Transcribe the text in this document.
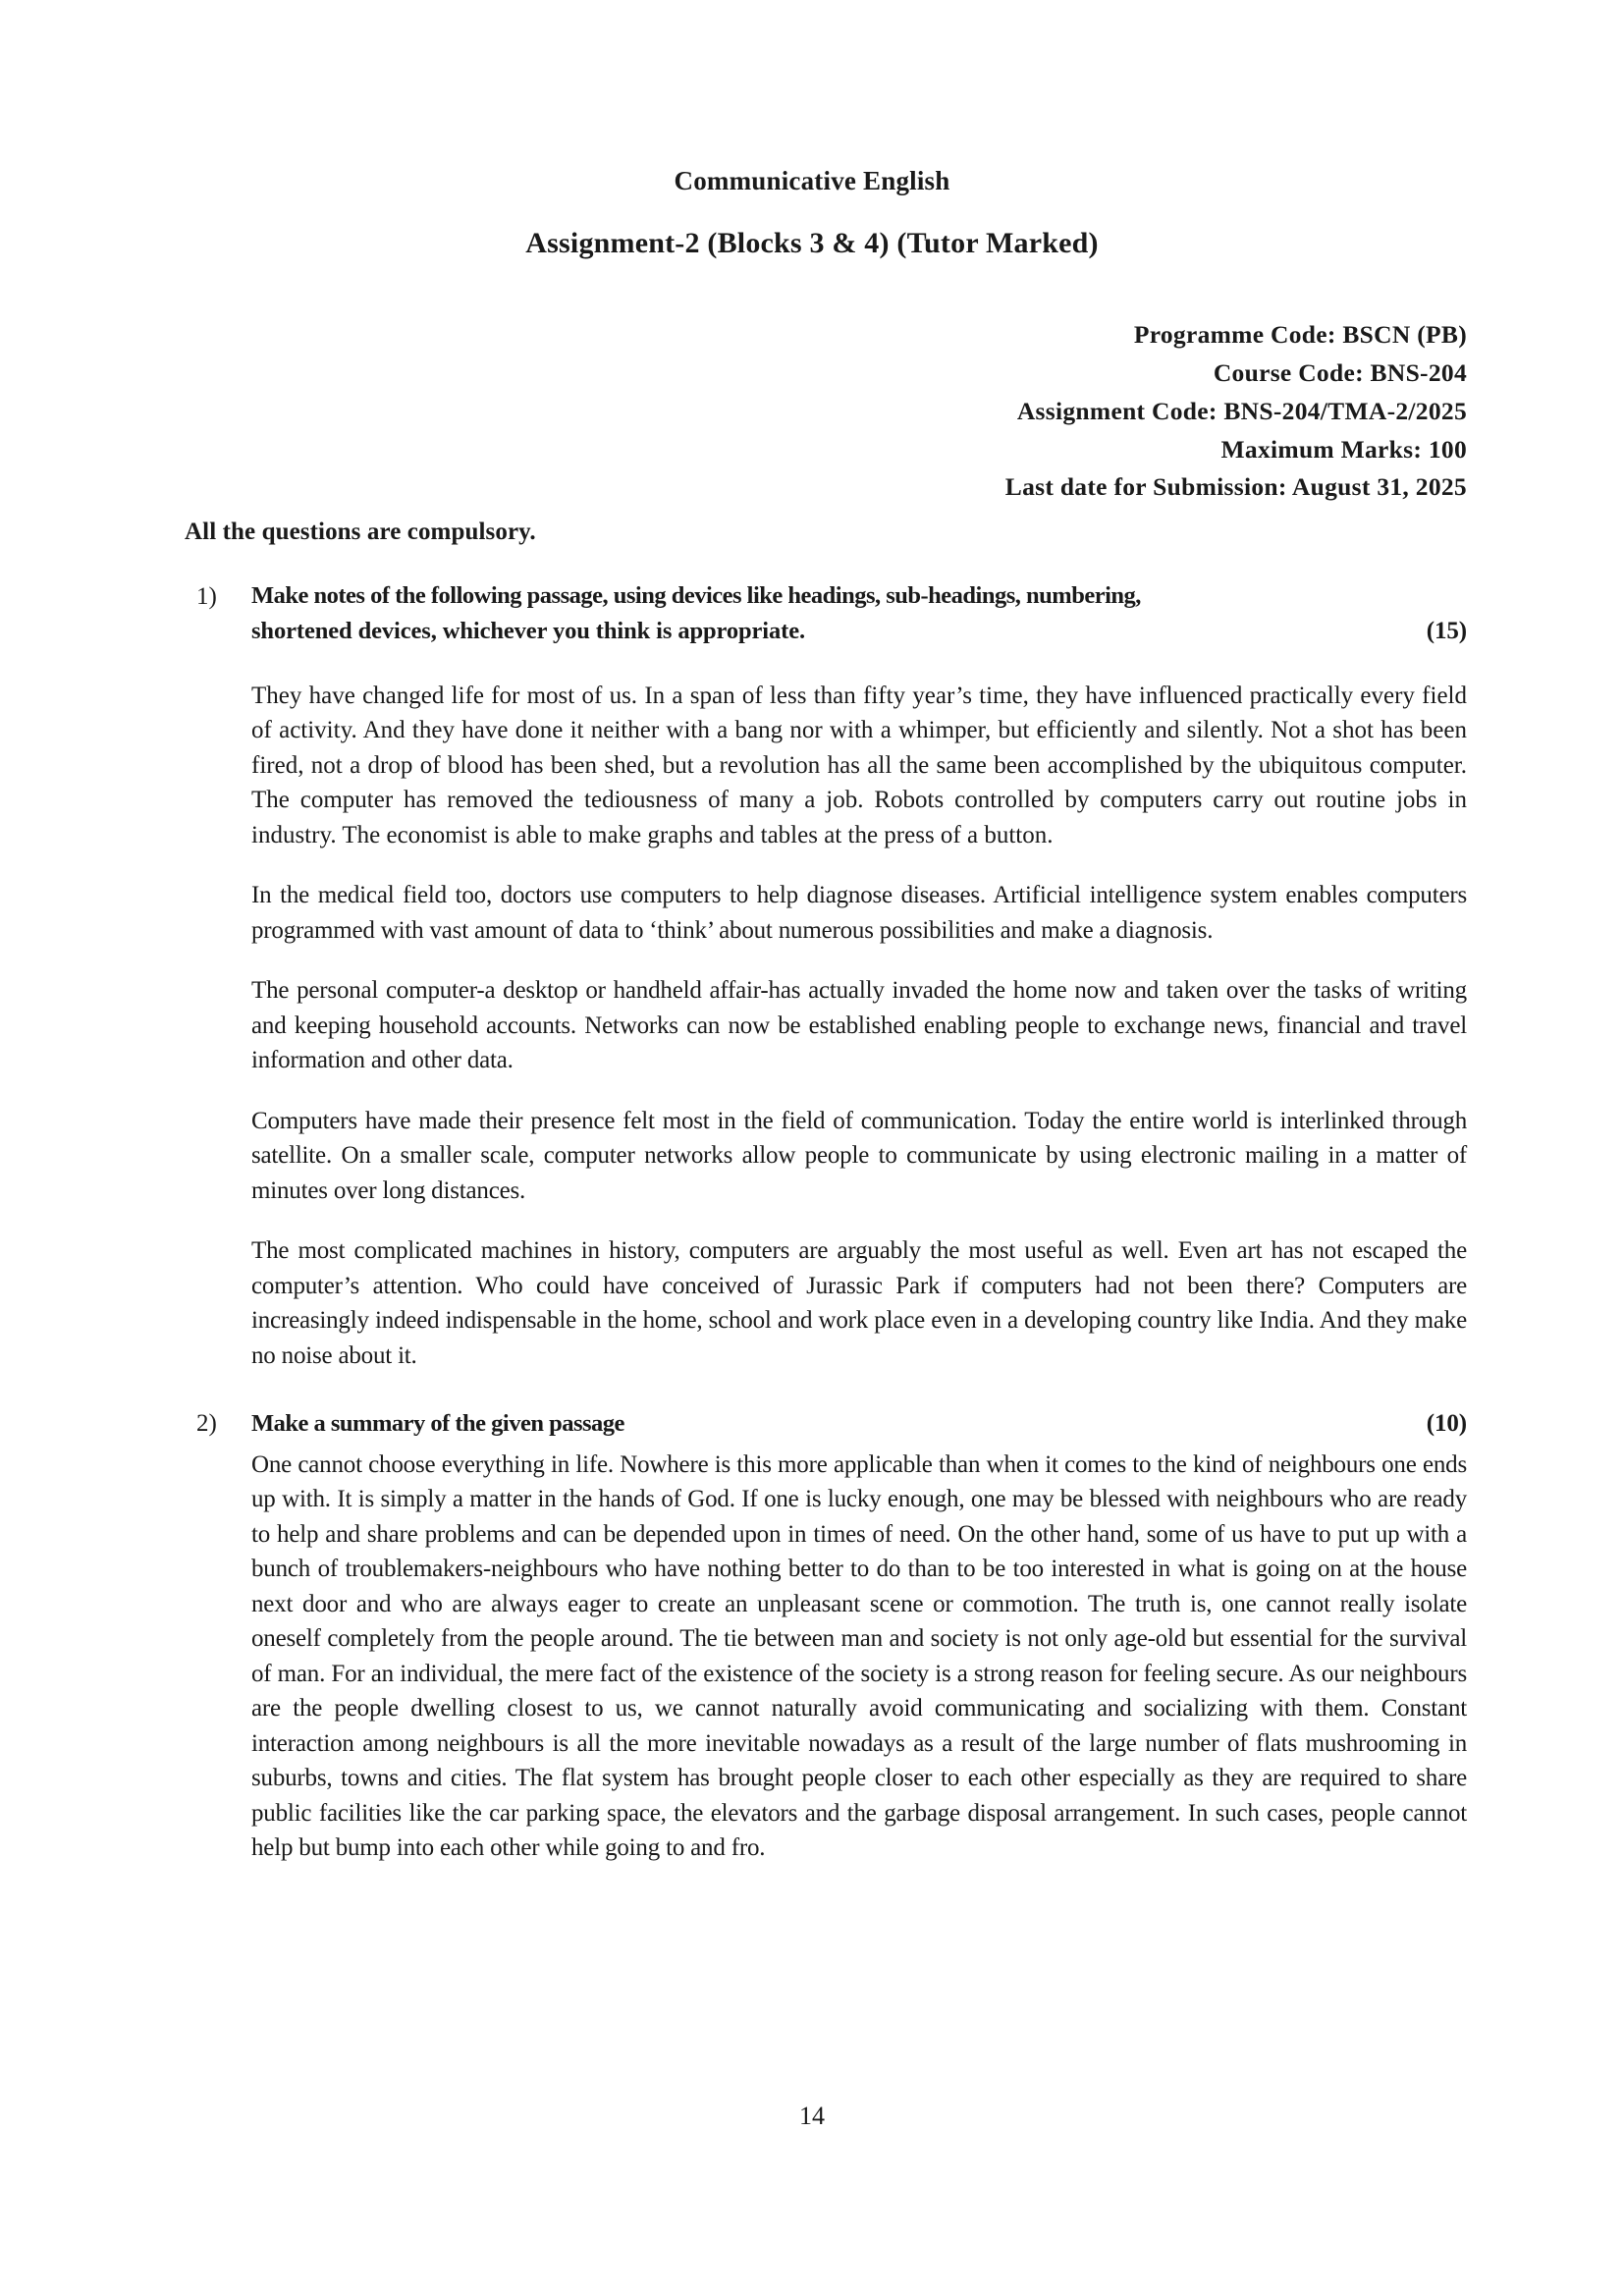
Communicative English
Assignment-2 (Blocks 3 & 4) (Tutor Marked)
Programme Code: BSCN (PB)
Course Code: BNS-204
Assignment Code: BNS-204/TMA-2/2025
Maximum Marks: 100
Last date for Submission: August 31, 2025
All the questions are compulsory.
1)	Make notes of the following passage, using devices like headings, sub-headings, numbering,
shortened devices, whichever you think is appropriate.	(15)
They have changed life for most of us. In a span of less than fifty year’s time, they have influenced practically every field of activity. And they have done it neither with a bang nor with a whimper, but efficiently and silently. Not a shot has been fired, not a drop of blood has been shed, but a revolution has all the same been accomplished by the ubiquitous computer. The computer has removed the tediousness of many a job. Robots controlled by computers carry out routine jobs in industry. The economist is able to make graphs and tables at the press of a button.
In the medical field too, doctors use computers to help diagnose diseases. Artificial intelligence system enables computers programmed with vast amount of data to ‘think’ about numerous possibilities and make a diagnosis.
The personal computer-a desktop or handheld affair-has actually invaded the home now and taken over the tasks of writing and keeping household accounts. Networks can now be established enabling people to exchange news, financial and travel information and other data.
Computers have made their presence felt most in the field of communication. Today the entire world is interlinked through satellite. On a smaller scale, computer networks allow people to communicate by using electronic mailing in a matter of minutes over long distances.
The most complicated machines in history, computers are arguably the most useful as well. Even art has not escaped the computer’s attention. Who could have conceived of Jurassic Park if computers had not been there? Computers are increasingly indeed indispensable in the home, school and work place even in a developing country like India. And they make no noise about it.
2)	Make a summary of the given passage	(10)
One cannot choose everything in life. Nowhere is this more applicable than when it comes to the kind of neighbours one ends up with. It is simply a matter in the hands of God. If one is lucky enough, one may be blessed with neighbours who are ready to help and share problems and can be depended upon in times of need. On the other hand, some of us have to put up with a bunch of troublemakers-neighbours who have nothing better to do than to be too interested in what is going on at the house next door and who are always eager to create an unpleasant scene or commotion. The truth is, one cannot really isolate oneself completely from the people around. The tie between man and society is not only age-old but essential for the survival of man. For an individual, the mere fact of the existence of the society is a strong reason for feeling secure. As our neighbours are the people dwelling closest to us, we cannot naturally avoid communicating and socializing with them. Constant interaction among neighbours is all the more inevitable nowadays as a result of the large number of flats mushrooming in suburbs, towns and cities. The flat system has brought people closer to each other especially as they are required to share public facilities like the car parking space, the elevators and the garbage disposal arrangement. In such cases, people cannot help but bump into each other while going to and fro.
14
